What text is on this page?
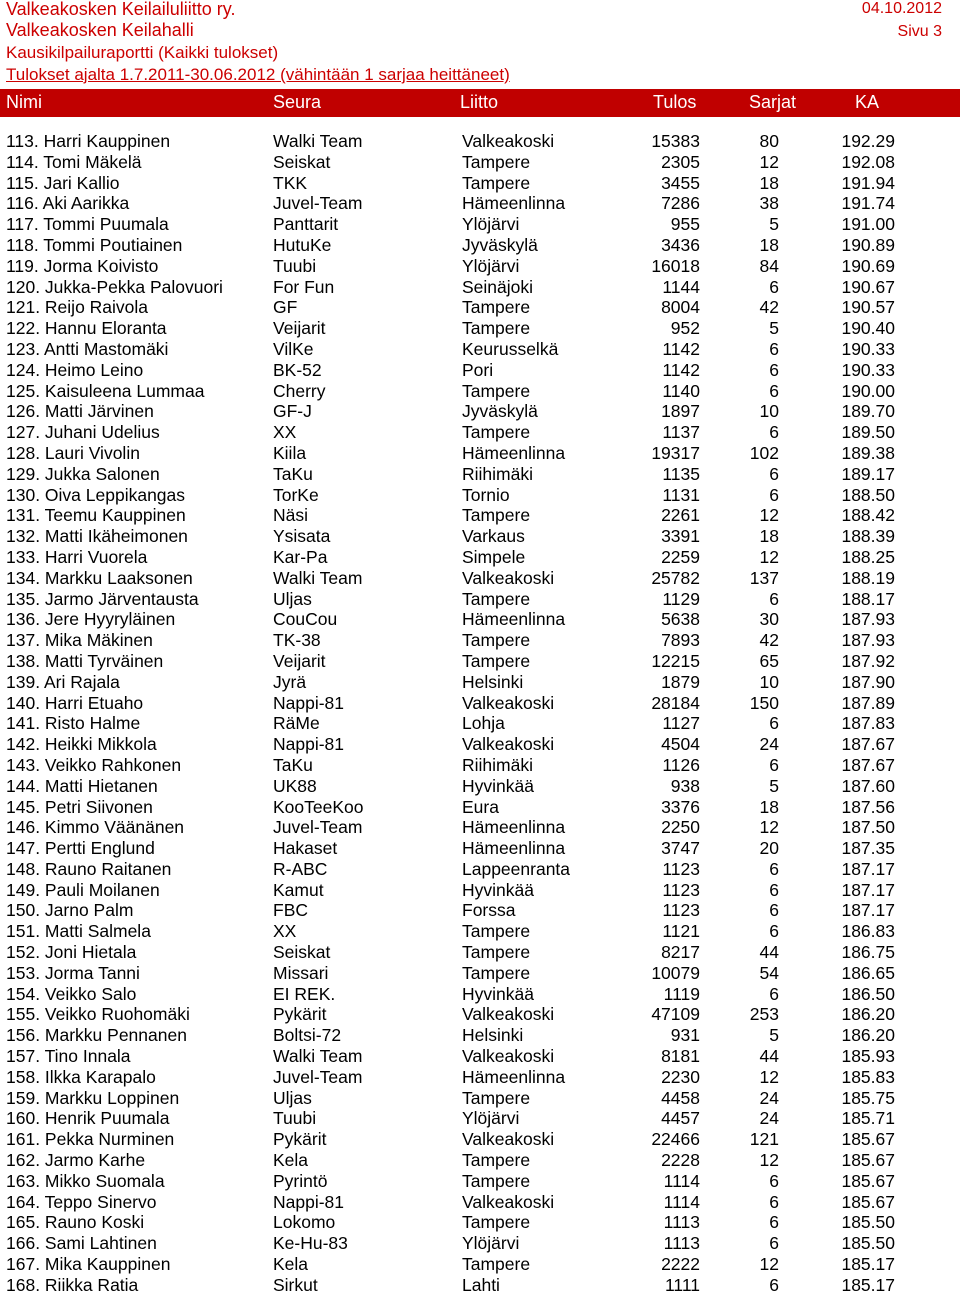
Valkeakosken Keilailuliitto ry.	04.10.2012
Valkeakosken Keilahalli	Sivu 3
Kausikilpailuraportti (Kaikki tulokset)
Tulokset ajalta 1.7.2011-30.06.2012 (vähintään 1 sarjaa heittäneet)
Nimi	Seura	Liitto	Tulos	Sarjat	KA
113. Harri Kauppinen	Walki Team	Valkeakoski	15383	80	192.29
114. Tomi Mäkelä	Seiskat	Tampere	2305	12	192.08
115. Jari Kallio	TKK	Tampere	3455	18	191.94
116. Aki Aarikka	Juvel-Team	Hämeenlinna	7286	38	191.74
117. Tommi Puumala	Panttarit	Ylöjärvi	955	5	191.00
118. Tommi Poutiainen	HutuKe	Jyväskylä	3436	18	190.89
119. Jorma Koivisto	Tuubi	Ylöjärvi	16018	84	190.69
120. Jukka-Pekka Palovuori	For Fun	Seinäjoki	1144	6	190.67
121. Reijo Raivola	GF	Tampere	8004	42	190.57
122. Hannu Eloranta	Veijarit	Tampere	952	5	190.40
123. Antti Mastomäki	VilKe	Keurusselkä	1142	6	190.33
124. Heimo Leino	BK-52	Pori	1142	6	190.33
125. Kaisuleena Lummaa	Cherry	Tampere	1140	6	190.00
126. Matti Järvinen	GF-J	Jyväskylä	1897	10	189.70
127. Juhani Udelius	XX	Tampere	1137	6	189.50
128. Lauri Vivolin	Kiila	Hämeenlinna	19317	102	189.38
129. Jukka Salonen	TaKu	Riihimäki	1135	6	189.17
130. Oiva Leppikangas	TorKe	Tornio	1131	6	188.50
131. Teemu Kauppinen	Näsi	Tampere	2261	12	188.42
132. Matti Ikäheimonen	Ysisata	Varkaus	3391	18	188.39
133. Harri Vuorela	Kar-Pa	Simpele	2259	12	188.25
134. Markku Laaksonen	Walki Team	Valkeakoski	25782	137	188.19
135. Jarmo Järventausta	Uljas	Tampere	1129	6	188.17
136. Jere Hyyryläinen	CouCou	Hämeenlinna	5638	30	187.93
137. Mika Mäkinen	TK-38	Tampere	7893	42	187.93
138. Matti Tyrväinen	Veijarit	Tampere	12215	65	187.92
139. Ari Rajala	Jyrä	Helsinki	1879	10	187.90
140. Harri Etuaho	Nappi-81	Valkeakoski	28184	150	187.89
141. Risto Halme	RäMe	Lohja	1127	6	187.83
142. Heikki Mikkola	Nappi-81	Valkeakoski	4504	24	187.67
143. Veikko Rahkonen	TaKu	Riihimäki	1126	6	187.67
144. Matti Hietanen	UK88	Hyvinkää	938	5	187.60
145. Petri Siivonen	KooTeeKoo	Eura	3376	18	187.56
146. Kimmo Väänänen	Juvel-Team	Hämeenlinna	2250	12	187.50
147. Pertti Englund	Hakaset	Hämeenlinna	3747	20	187.35
148. Rauno Raitanen	R-ABC	Lappeenranta	1123	6	187.17
149. Pauli Moilanen	Kamut	Hyvinkää	1123	6	187.17
150. Jarno Palm	FBC	Forssa	1123	6	187.17
151. Matti Salmela	XX	Tampere	1121	6	186.83
152. Joni Hietala	Seiskat	Tampere	8217	44	186.75
153. Jorma Tanni	Missari	Tampere	10079	54	186.65
154. Veikko Salo	EI REK.	Hyvinkää	1119	6	186.50
155. Veikko Ruohomäki	Pykärit	Valkeakoski	47109	253	186.20
156. Markku Pennanen	Boltsi-72	Helsinki	931	5	186.20
157. Tino Innala	Walki Team	Valkeakoski	8181	44	185.93
158. Ilkka Karapalo	Juvel-Team	Hämeenlinna	2230	12	185.83
159. Markku Loppinen	Uljas	Tampere	4458	24	185.75
160. Henrik Puumala	Tuubi	Ylöjärvi	4457	24	185.71
161. Pekka Nurminen	Pykärit	Valkeakoski	22466	121	185.67
162. Jarmo Karhe	Kela	Tampere	2228	12	185.67
163. Mikko Suomala	Pyrintö	Tampere	1114	6	185.67
164. Teppo Sinervo	Nappi-81	Valkeakoski	1114	6	185.67
165. Rauno Koski	Lokomo	Tampere	1113	6	185.50
166. Sami Lahtinen	Ke-Hu-83	Ylöjärvi	1113	6	185.50
167. Mika Kauppinen	Kela	Tampere	2222	12	185.17
168. Riikka Ratia	Sirkut	Lahti	1111	6	185.17
